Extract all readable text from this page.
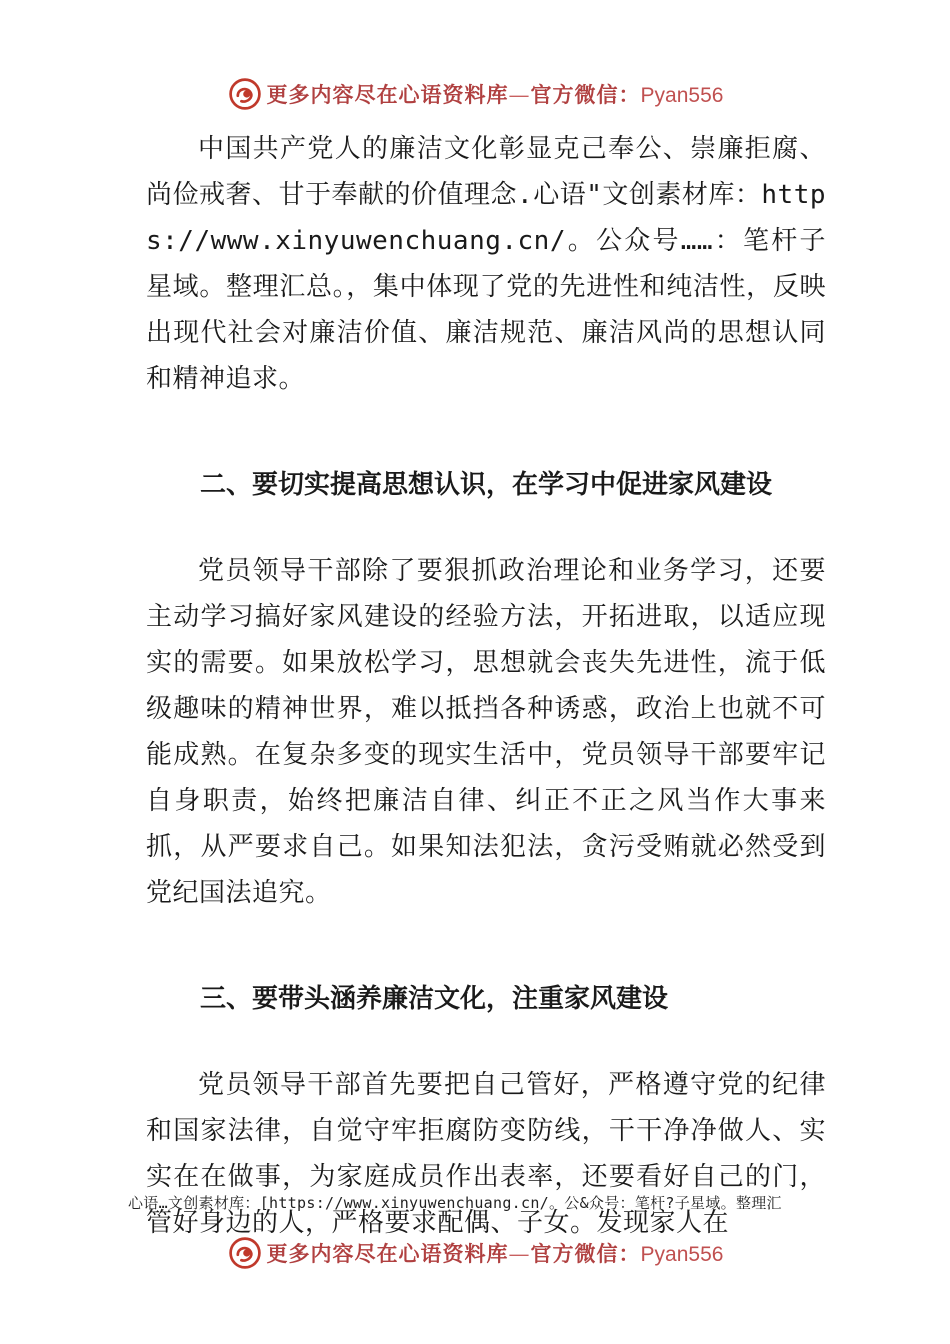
更多内容尽在心语资料库—官方微信：Pyan556

中国共产党人的廉洁文化彰显克己奉公、崇廉拒腐、尚俭戒奢、甘于奉献的价值理念.心语"文创素材库：https://www.xinyuwenchuang.cn/。公众号……：笔杆子星域。整理汇总。，集中体现了党的先进性和纯洁性，反映出现代社会对廉洁价值、廉洁规范、廉洁风尚的思想认同和精神追求。

二、要切实提高思想认识，在学习中促进家风建设

党员领导干部除了要狠抓政治理论和业务学习，还要主动学习搞好家风建设的经验方法，开拓进取，以适应现实的需要。如果放松学习，思想就会丧失先进性，流于低级趣味的精神世界，难以抵挡各种诱惑，政治上也就不可能成熟。在复杂多变的现实生活中，党员领导干部要牢记自身职责，始终把廉洁自律、纠正不正之风当作大事来抓，从严要求自己。如果知法犯法，贪污受贿就必然受到党纪国法追究。

三、要带头涵养廉洁文化，注重家风建设

党员领导干部首先要把自己管好，严格遵守党的纪律和国家法律，自觉守牢拒腐防变防线，干干净净做人、实实在在做事，为家庭成员作出表率，还要看好自己的门，管好身边的人，严格要求配偶、子女。发现家人在

心语…文创素材库：[https://www.xinyuwenchuang.cn/。公&众号：笔杆?子星域。整理汇
更多内容尽在心语资料库—官方微信：Pyan556
